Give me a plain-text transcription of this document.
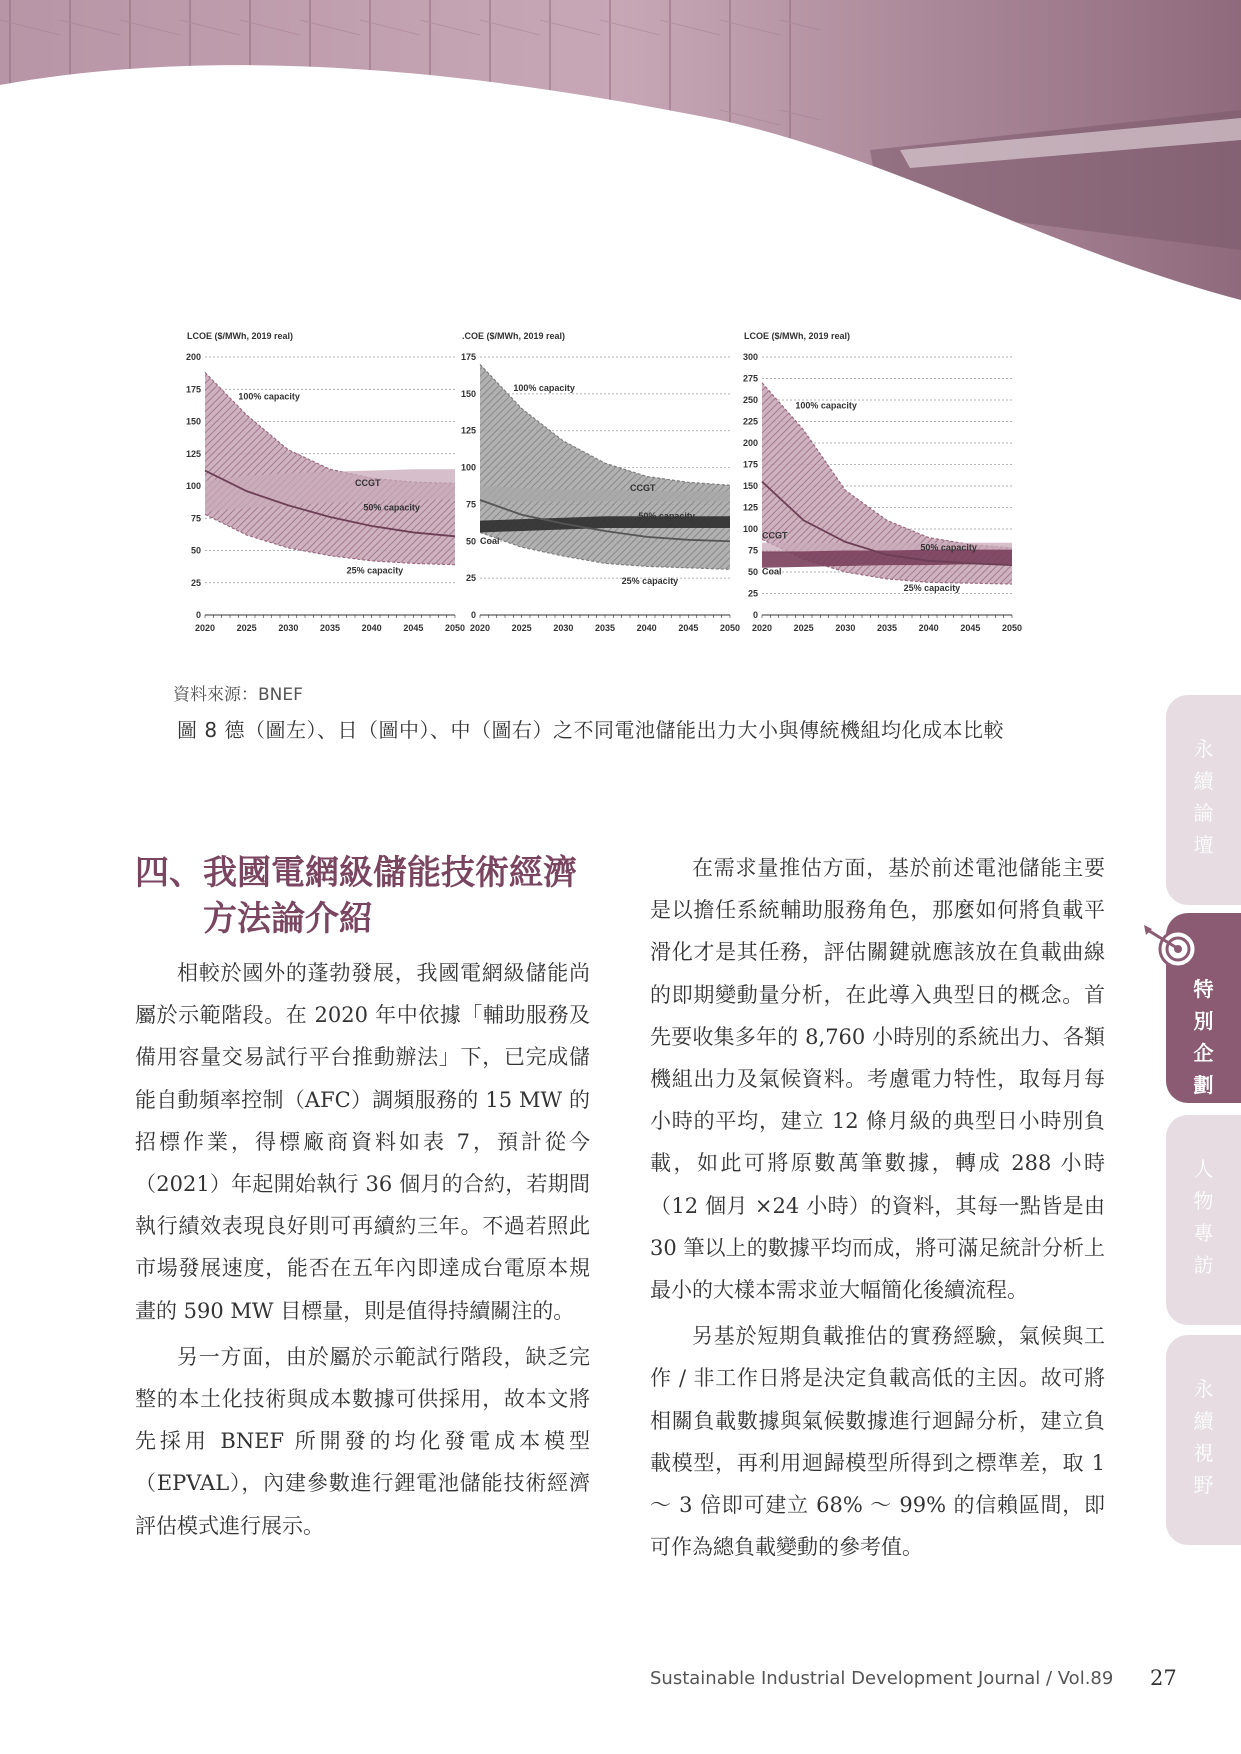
LCOE ($/MWh, 2019 real)
0
25
50
75
100
125
150
175
200
2020 2025 2030 2035 2040 2045 2050
100% capacity
50% capacity
25% capacity
CCGT
.COE ($/MWh, 2019 real)
0
25
50
75
100
125
150
175
2020 2025 2030 2035 2040 2045 2050
100% capacity
50% capacity
25% capacity
CCGT
Coal
LCOE ($/MWh, 2019 real)
0
25
50
75
100
125
150
175
200
225
250
275
300
2020 2025 2030 2035 2040 2045 2050
100% capacity
50% capacity
25% capacity
CCGT
Coal
資料來源：BNEF
圖 8 德（圖左）、日（圖中）、中（圖右）之不同電池儲能出力大小與傳統機組均化成本比較
四、我國電網級儲能技術經濟
方法論介紹

相較於國外的蓬勃發展，我國電網級儲能尚屬於示範階段。在 2020 年中依據「輔助服務及備用容量交易試行平台推動辦法」下，已完成儲能自動頻率控制（AFC）調頻服務的 15 MW 的招標作業，得標廠商資料如表 7，預計從今（2021）年起開始執行 36 個月的合約，若期間執行績效表現良好則可再續約三年。不過若照此市場發展速度，能否在五年內即達成台電原本規畫的 590 MW 目標量，則是值得持續關注的。

另一方面，由於屬於示範試行階段，缺乏完整的本土化技術與成本數據可供採用，故本文將先採用 BNEF 所開發的均化發電成本模型（EPVAL），內建參數進行鋰電池儲能技術經濟評估模式進行展示。

在需求量推估方面，基於前述電池儲能主要是以擔任系統輔助服務角色，那麼如何將負載平滑化才是其任務，評估關鍵就應該放在負載曲線的即期變動量分析，在此導入典型日的概念。首先要收集多年的 8,760 小時別的系統出力、各類機組出力及氣候資料。考慮電力特性，取每月每小時的平均，建立 12 條月級的典型日小時別負載，如此可將原數萬筆數據，轉成 288 小時（12 個月 ×24 小時）的資料，其每一點皆是由 30 筆以上的數據平均而成，將可滿足統計分析上最小的大樣本需求並大幅簡化後續流程。

另基於短期負載推估的實務經驗，氣候與工作 / 非工作日將是決定負載高低的主因。故可將相關負載數據與氣候數據進行迴歸分析，建立負載模型，再利用迴歸模型所得到之標準差，取 1 ～ 3 倍即可建立 68% ～ 99% 的信賴區間，即可作為總負載變動的參考值。

永
續
論
壇
特
別
企
劃
人
物
專
訪
永
續
視
野
Sustainable Industrial Development Journal / Vol.89 27
